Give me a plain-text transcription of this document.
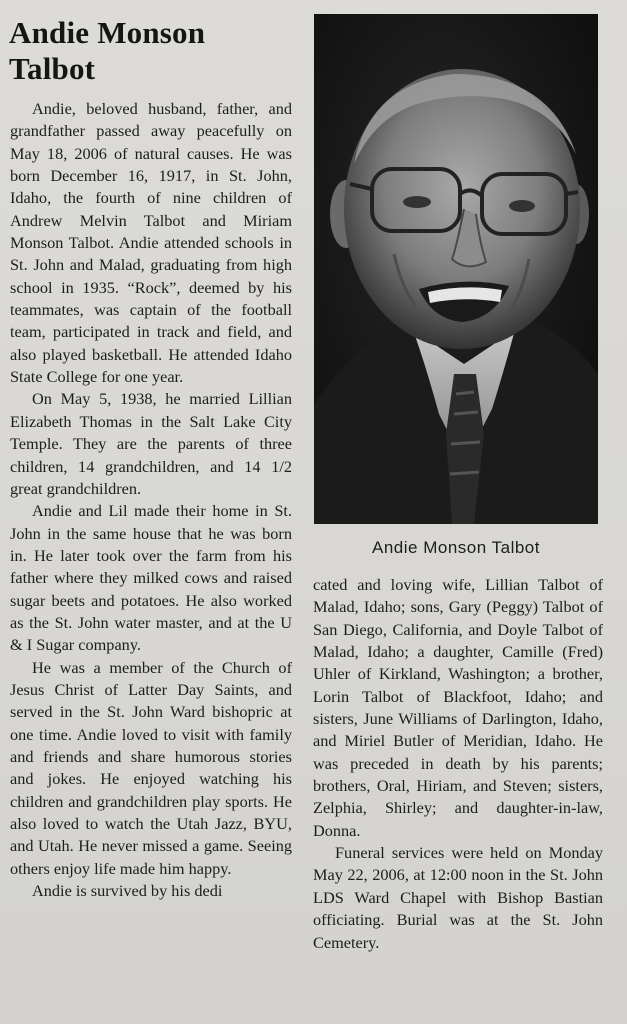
Andie Monson
Talbot

Andie, beloved husband, father, and grandfather passed away peacefully on May 18, 2006 of natural causes. He was born December 16, 1917, in St. John, Idaho, the fourth of nine children of Andrew Melvin Talbot and Miriam Monson Talbot. Andie attended schools in St. John and Malad, graduating from high school in 1935. “Rock”, deemed by his teammates, was captain of the football team, participated in track and field, and also played basketball. He attended Idaho State College for one year.

On May 5, 1938, he married Lillian Elizabeth Thomas in the Salt Lake City Temple. They are the parents of three children, 14 grandchildren, and 14 1/2 great grandchildren.

Andie and Lil made their home in St. John in the same house that he was born in. He later took over the farm from his father where they milked cows and raised sugar beets and potatoes. He also worked as the St. John water master, and at the U & I Sugar company.

He was a member of the Church of Jesus Christ of Latter Day Saints, and served in the St. John Ward bishopric at one time. Andie loved to visit with family and friends and share humorous stories and jokes. He enjoyed watching his children and grandchildren play sports. He also loved to watch the Utah Jazz, BYU, and Utah. He never missed a game. Seeing others enjoy life made him happy.

Andie is survived by his dedi

Andie Monson Talbot

cated and loving wife, Lillian Talbot of Malad, Idaho; sons, Gary (Peggy) Talbot of San Diego, California, and Doyle Talbot of Malad, Idaho; a daughter, Camille (Fred) Uhler of Kirkland, Washington; a brother, Lorin Talbot of Blackfoot, Idaho; and sisters, June Williams of Darlington, Idaho, and Miriel Butler of Meridian, Idaho. He was preceded in death by his parents; brothers, Oral, Hiriam, and Steven; sisters, Zelphia, Shirley; and daughter-in-law, Donna.

Funeral services were held on Monday May 22, 2006, at 12:00 noon in the St. John LDS Ward Chapel with Bishop Bastian officiating. Burial was at the St. John Cemetery.
